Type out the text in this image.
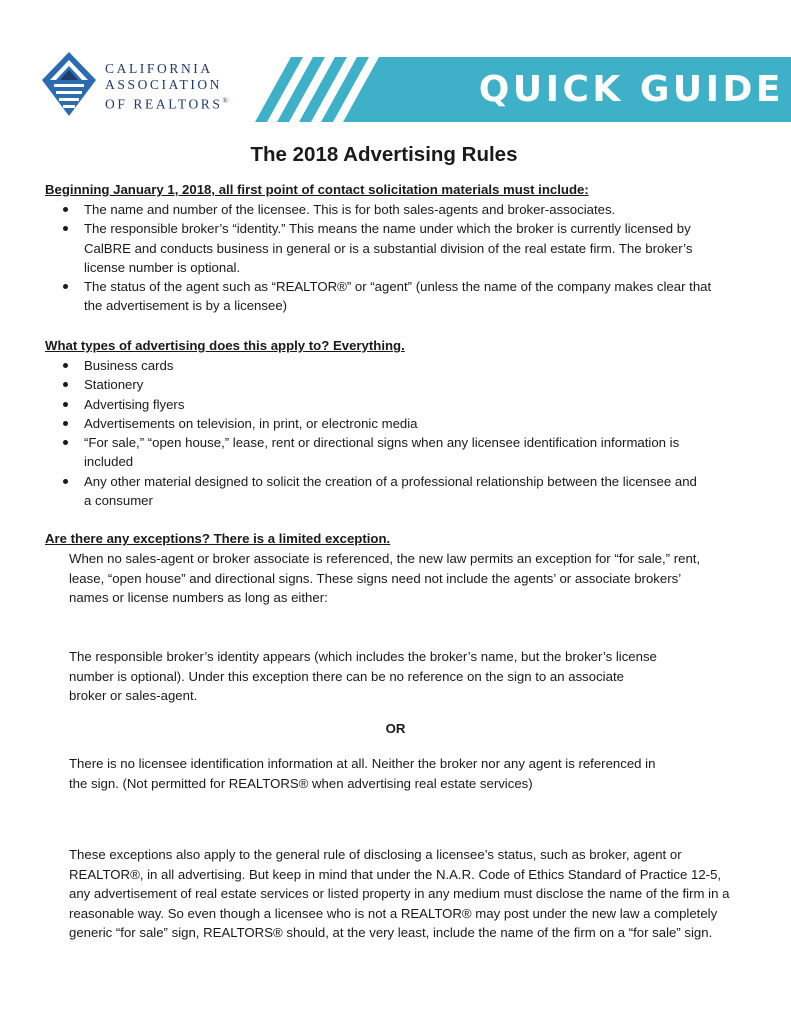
CALIFORNIA
ASSOCIATION
OF REALTORS®	QUICK GUIDE
The 2018 Advertising Rules

Beginning January 1, 2018, all first point of contact solicitation materials must include:

The name and number of the licensee. This is for both sales-agents and broker-associates.
The responsible broker’s “identity.” This means the name under which the broker is currently licensed by CalBRE and conducts business in general or is a substantial division of the real estate firm. The broker’s license number is optional.
The status of the agent such as “REALTOR®” or “agent” (unless the name of the company makes clear that the advertisement is by a licensee)

What types of advertising does this apply to? Everything.

Business cards
Stationery
Advertising flyers
Advertisements on television, in print, or electronic media
“For sale,” “open house,” lease, rent or directional signs when any licensee identification information is included
Any other material designed to solicit the creation of a professional relationship between the licensee and a consumer

Are there any exceptions? There is a limited exception.

When no sales-agent or broker associate is referenced, the new law permits an exception for “for sale,” rent, lease, “open house” and directional signs. These signs need not include the agents’ or associate brokers’ names or license numbers as long as either:

The responsible broker’s identity appears (which includes the broker’s name, but the broker’s license number is optional). Under this exception there can be no reference on the sign to an associate broker or sales-agent.

OR

There is no licensee identification information at all. Neither the broker nor any agent is referenced in the sign. (Not permitted for REALTORS® when advertising real estate services)

These exceptions also apply to the general rule of disclosing a licensee’s status, such as broker, agent or REALTOR®, in all advertising. But keep in mind that under the N.A.R. Code of Ethics Standard of Practice 12-5, any advertisement of real estate services or listed property in any medium must disclose the name of the firm in a reasonable way. So even though a licensee who is not a REALTOR® may post under the new law a completely generic “for sale” sign, REALTORS® should, at the very least, include the name of the firm on a “for sale” sign.
